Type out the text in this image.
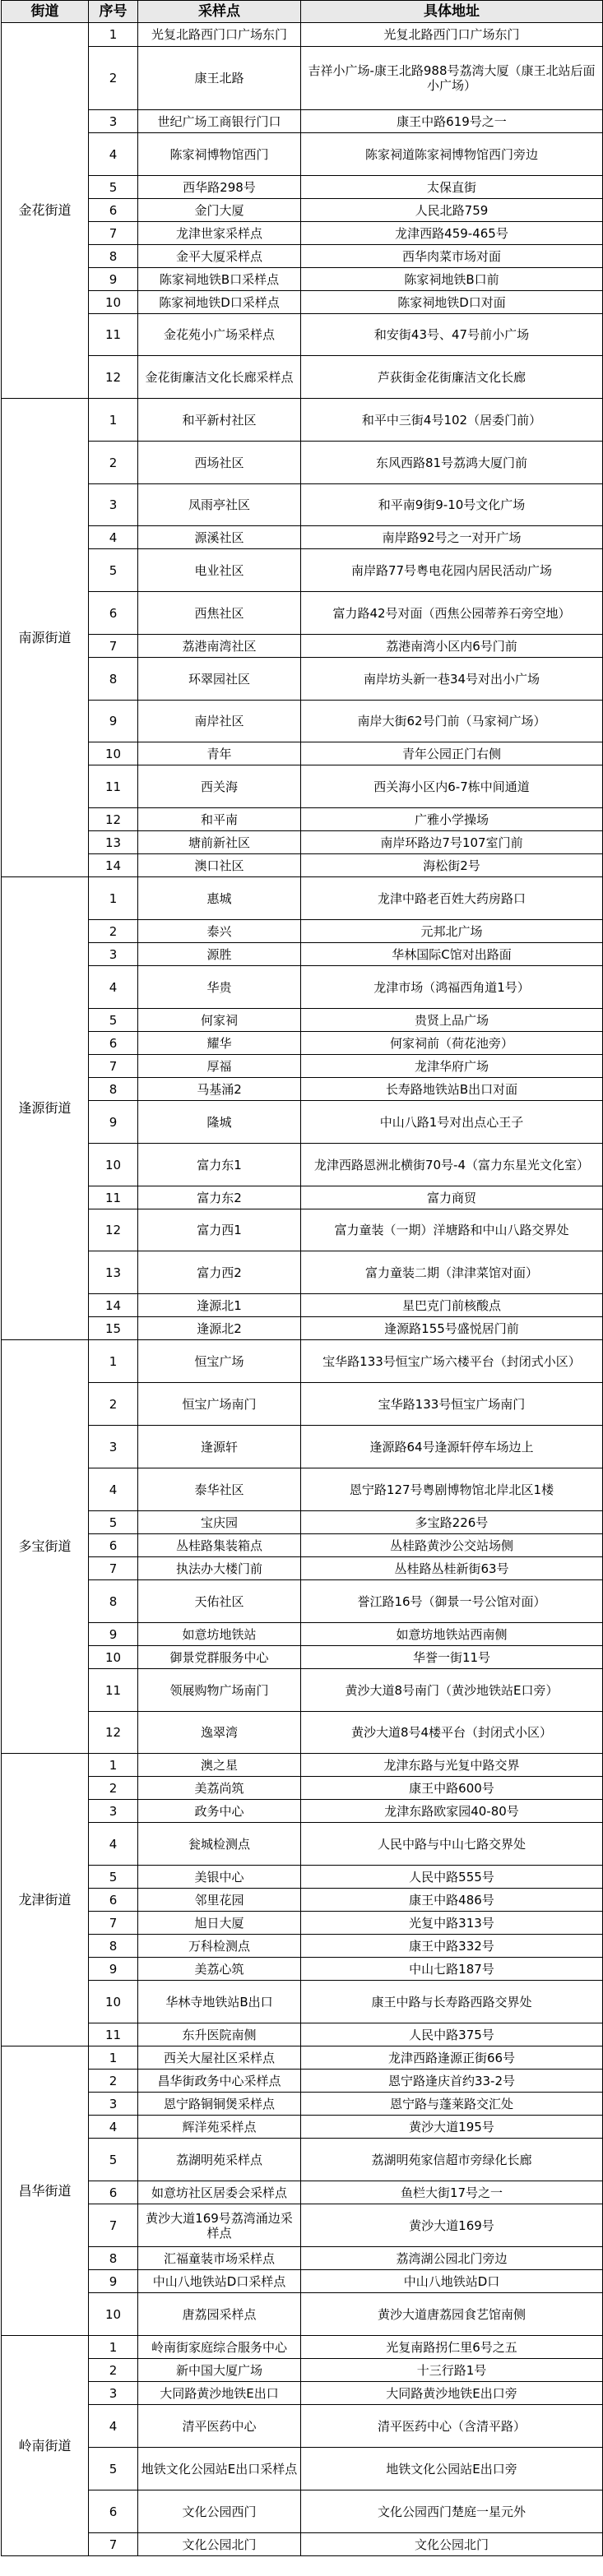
街道	序号	采样点	具体地址
金花街道	1	光复北路西门口广场东门	光复北路西门口广场东门
	2	康王北路	吉祥小广场-康王北路988号荔湾大厦（康王北站后面小广场）
	3	世纪广场工商银行门口	康王中路619号之一
	4	陈家祠博物馆西门	陈家祠道陈家祠博物馆西门旁边
	5	西华路298号	太保直街
	6	金门大厦	人民北路759
	7	龙津世家采样点	龙津西路459-465号
	8	金平大厦采样点	西华肉菜市场对面
	9	陈家祠地铁B口采样点	陈家祠地铁B口前
	10	陈家祠地铁D口采样点	陈家祠地铁D口对面
	11	金花苑小广场采样点	和安街43号、47号前小广场
	12	金花街廉洁文化长廊采样点	芦荻街金花街廉洁文化长廊
南源街道	1	和平新村社区	和平中三街4号102（居委门前）
	2	西场社区	东风西路81号荔鸿大厦门前
	3	凤雨亭社区	和平南9街9-10号文化广场
	4	源溪社区	南岸路92号之一对开广场
	5	电业社区	南岸路77号粤电花园内居民活动广场
	6	西焦社区	富力路42号对面（西焦公园蒂养石旁空地）
	7	荔港南湾社区	荔港南湾小区内6号门前
	8	环翠园社区	南岸坊头新一巷34号对出小广场
	9	南岸社区	南岸大街62号门前（马家祠广场）
	10	青年	青年公园正门右侧
	11	西关海	西关海小区内6-7栋中间通道
	12	和平南	广雅小学操场
	13	塘前新社区	南岸环路边7号107室门前
	14	澳口社区	海松街2号
逢源街道	1	惠城	龙津中路老百姓大药房路口
	2	泰兴	元邦北广场
	3	源胜	华林国际C馆对出路面
	4	华贵	龙津市场（鸿福西角道1号）
	5	何家祠	贵贤上品广场
	6	耀华	何家祠前（荷花池旁）
	7	厚福	龙津华府广场
	8	马基涌2	长寿路地铁站B出口对面
	9	隆城	中山八路1号对出点心王子
	10	富力东1	龙津西路恩洲北横街70号-4（富力东星光文化室）
	11	富力东2	富力商贸
	12	富力西1	富力童装（一期）洋塘路和中山八路交界处
	13	富力西2	富力童装二期（津津菜馆对面）
	14	逢源北1	星巴克门前核酸点
	15	逢源北2	逢源路155号盛悦居门前
多宝街道	1	恒宝广场	宝华路133号恒宝广场六楼平台（封闭式小区）
	2	恒宝广场南门	宝华路133号恒宝广场南门
	3	逢源轩	逢源路64号逢源轩停车场边上
	4	泰华社区	恩宁路127号粤剧博物馆北岸北区1楼
	5	宝庆园	多宝路226号
	6	丛桂路集装箱点	丛桂路黄沙公交站场侧
	7	执法办大楼门前	丛桂路丛桂新街63号
	8	天佑社区	誉江路16号（御景一号公馆对面）
	9	如意坊地铁站	如意坊地铁站西南侧
	10	御景党群服务中心	华誉一街11号
	11	领展购物广场南门	黄沙大道8号南门（黄沙地铁站E口旁）
	12	逸翠湾	黄沙大道8号4楼平台（封闭式小区）
龙津街道	1	澳之星	龙津东路与光复中路交界
	2	美荔尚筑	康王中路600号
	3	政务中心	龙津东路欧家园40-80号
	4	瓮城检测点	人民中路与中山七路交界处
	5	美银中心	人民中路555号
	6	邻里花园	康王中路486号
	7	旭日大厦	光复中路313号
	8	万科检测点	康王中路332号
	9	美荔心筑	中山七路187号
	10	华林寺地铁站B出口	康王中路与长寿路西路交界处
	11	东升医院南侧	人民中路375号
昌华街道	1	西关大屋社区采样点	龙津西路逢源正街66号
	2	昌华街政务中心采样点	恩宁路逢庆首约33-2号
	3	恩宁路铜铜煲采样点	恩宁路与蓬莱路交汇处
	4	辉洋苑采样点	黄沙大道195号
	5	荔湖明苑采样点	荔湖明苑家信超市旁绿化长廊
	6	如意坊社区居委会采样点	鱼栏大街17号之一
	7	黄沙大道169号荔湾涌边采样点	黄沙大道169号
	8	汇福童装市场采样点	荔湾湖公园北门旁边
	9	中山八地铁站D口采样点	中山八地铁站D口
	10	唐荔园采样点	黄沙大道唐荔园食艺馆南侧
岭南街道	1	岭南街家庭综合服务中心	光复南路拐仁里6号之五
	2	新中国大厦广场	十三行路1号
	3	大同路黄沙地铁E出口	大同路黄沙地铁E出口旁
	4	清平医药中心	清平医药中心（含清平路）
	5	地铁文化公园站E出口采样点	地铁文化公园站E出口旁
	6	文化公园西门	文化公园西门楚庭一星元外
	7	文化公园北门	文化公园北门
